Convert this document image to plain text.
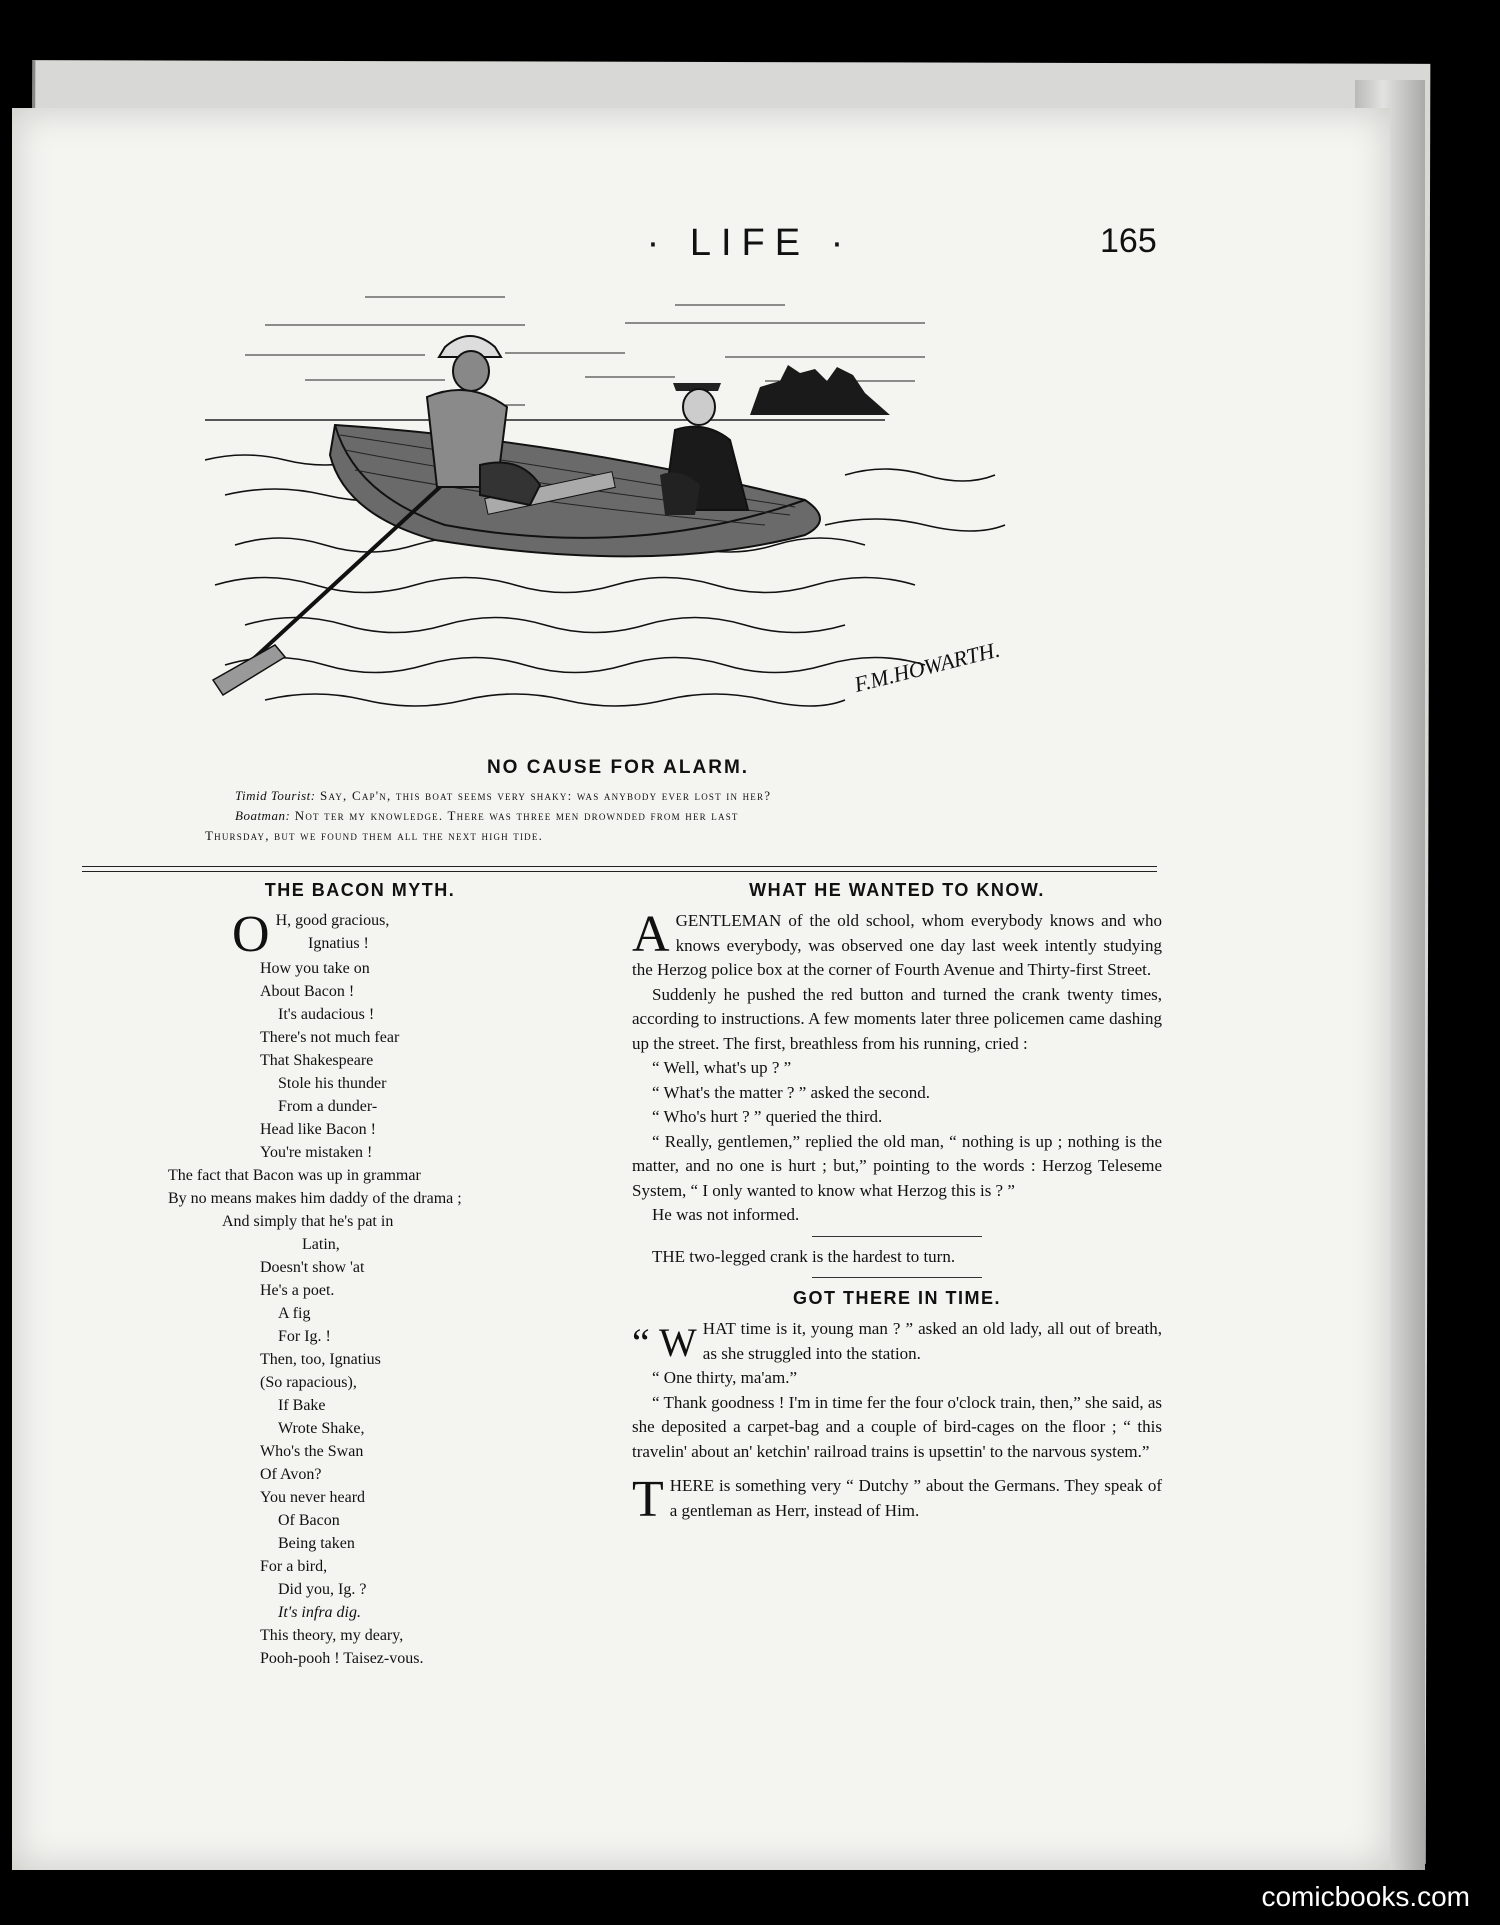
· LIFE ·	165
F.M.HOWARTH.
NO CAUSE FOR ALARM.
Timid Tourist: Say, Cap'n, this boat seems very shaky: was anybody ever lost in her?
Boatman: Not ter my knowledge. There was three men drownded from her last
Thursday, but we found them all the next high tide.
THE BACON MYTH.
O H, good gracious,
Ignatius !
How you take on
About Bacon !
It's audacious !
There's not much fear
That Shakespeare
Stole his thunder
From a dunder-
Head like Bacon !
You're mistaken !
The fact that Bacon was up in grammar
By no means makes him daddy of the drama ;
And simply that he's pat in
Latin,
Doesn't show 'at
He's a poet.
A fig
For Ig. !
Then, too, Ignatius
(So rapacious),
If Bake
Wrote Shake,
Who's the Swan
Of Avon?
You never heard
Of Bacon
Being taken
For a bird,
Did you, Ig. ?
It's infra dig.
This theory, my deary,
Pooh-pooh ! Taisez-vous.
WHAT HE WANTED TO KNOW.

AGENTLEMAN of the old school, whom everybody knows and who knows everybody, was observed one day last week intently studying the Herzog police box at the corner of Fourth Avenue and Thirty-first Street.

Suddenly he pushed the red button and turned the crank twenty times, according to instructions. A few moments later three policemen came dashing up the street. The first, breathless from his running, cried :

“ Well, what's up ? ”

“ What's the matter ? ” asked the second.

“ Who's hurt ? ” queried the third.

“ Really, gentlemen,” replied the old man, “ nothing is up ; nothing is the matter, and no one is hurt ; but,” pointing to the words : Herzog Teleseme System, “ I only wanted to know what Herzog this is ? ”

He was not informed.

THE two-legged crank is the hardest to turn.

GOT THERE IN TIME.

“ W HAT time is it, young man ? ” asked an old lady, all out of breath, as she struggled into the station.

“ One thirty, ma'am.”

“ Thank goodness ! I'm in time fer the four o'clock train, then,” she said, as she deposited a carpet-bag and a couple of bird-cages on the floor ; “ this travelin' about an' ketchin' railroad trains is upsettin' to the narvous system.”

THERE is something very “ Dutchy ” about the Germans. They speak of a gentleman as Herr, instead of Him.

comicbooks.com
